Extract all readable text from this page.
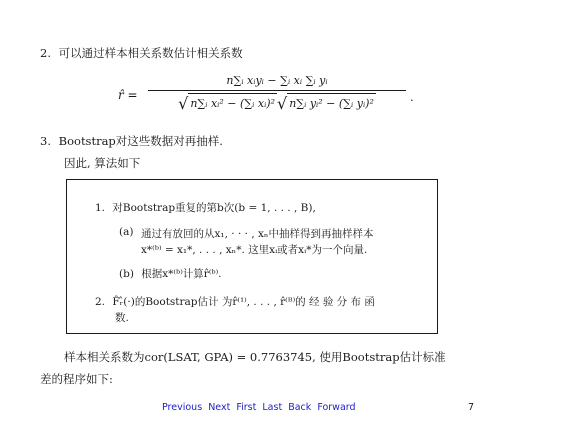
2. 可以通过样本相关系数估计相关系数
r̂ =
n∑ᵢ xᵢyᵢ − ∑ᵢ xᵢ ∑ᵢ yᵢ
√ n∑ᵢ xᵢ² − (∑ᵢ xᵢ)² √ n∑ᵢ yᵢ² − (∑ᵢ yᵢ)²	.
3. Bootstrap对这些数据对再抽样.
因此, 算法如下
1. 对Bootstrap重复的第b次(b = 1, . . . , B),
(a) 通过有放回的从x₁, · · · , xₙ中抽样得到再抽样样本
x*⁽ᵇ⁾ = x₁*, . . . , xₙ*. 这里xᵢ或者xᵢ*为一个向量.
(b) 根据x*⁽ᵇ⁾计算r̂⁽ᵇ⁾.
2. F̂ᵣ̂(·)的Bootstrap估计 为r̂⁽¹⁾, . . . , r̂⁽ᴮ⁾的 经 验 分 布 函
数.
样本相关系数为cor(LSAT, GPA) = 0.7763745, 使用Bootstrap估计标准
差的程序如下:
Previous Next First Last Back Forward	7
